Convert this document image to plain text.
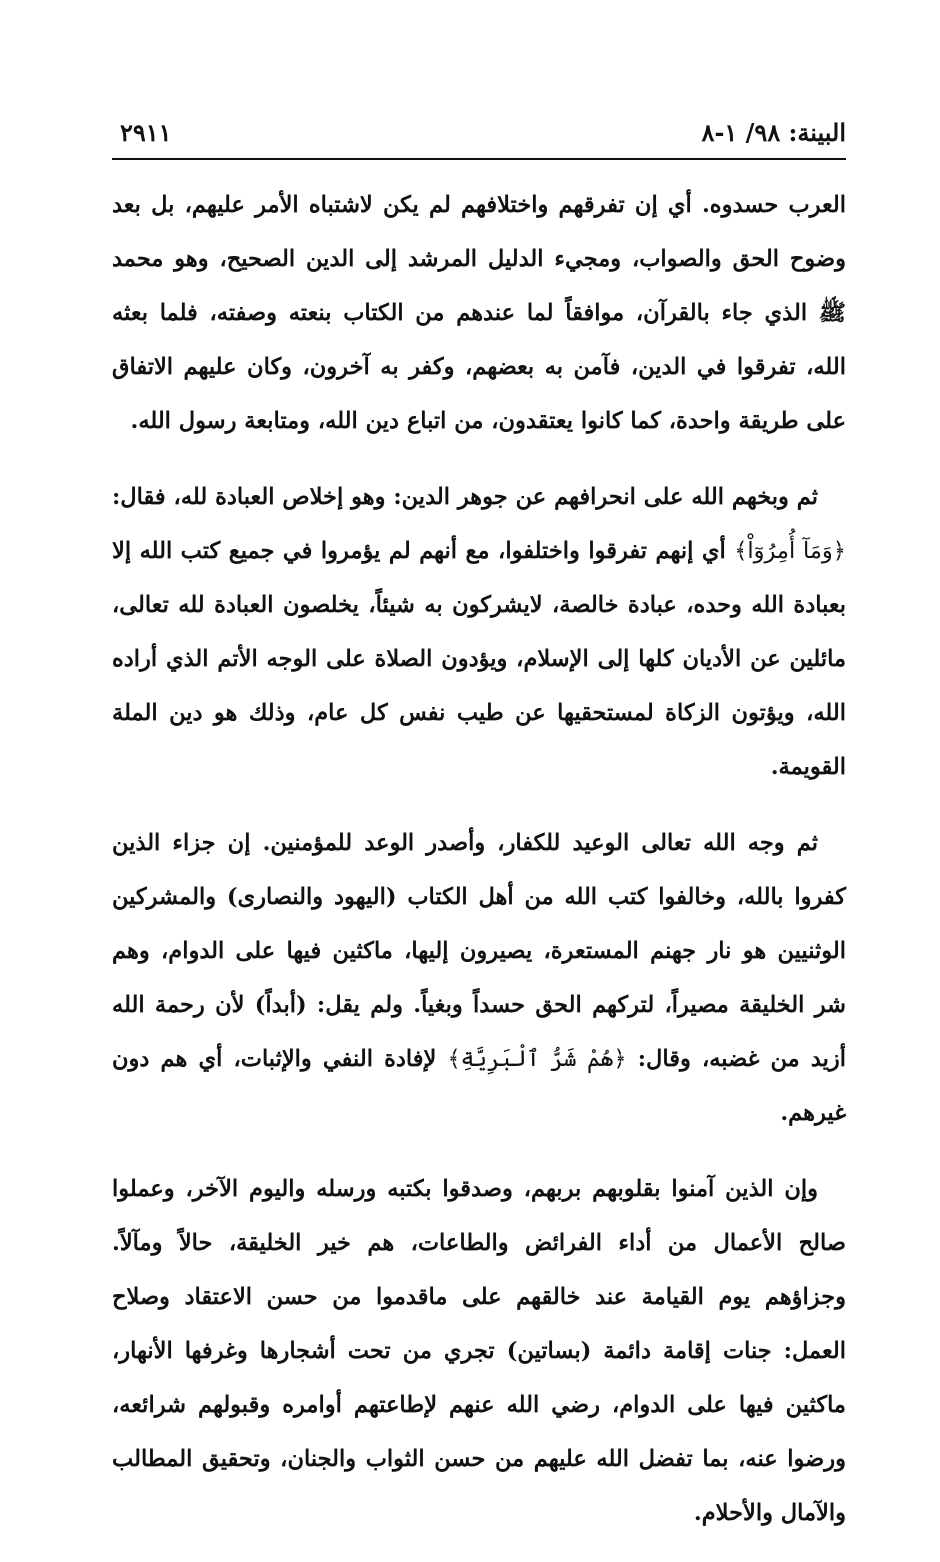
البينة: ٩٨/ ١-٨
٢٩١١

العرب حسدوه. أي إن تفرقهم واختلافهم لم يكن لاشتباه الأمر عليهم، بل بعد وضوح الحق والصواب، ومجيء الدليل المرشد إلى الدين الصحيح، وهو محمد ﷺ الذي جاء بالقرآن، موافقاً لما عندهم من الكتاب بنعته وصفته، فلما بعثه الله، تفرقوا في الدين، فآمن به بعضهم، وكفر به آخرون، وكان عليهم الاتفاق على طريقة واحدة، كما كانوا يعتقدون، من اتباع دين الله، ومتابعة رسول الله.

ثم وبخهم الله على انحرافهم عن جوهر الدين: وهو إخلاص العبادة لله، فقال: ﴿وَمَآ أُمِرُوٓاْ﴾ أي إنهم تفرقوا واختلفوا، مع أنهم لم يؤمروا في جميع كتب الله إلا بعبادة الله وحده، عبادة خالصة، لايشركون به شيئاً، يخلصون العبادة لله تعالى، مائلين عن الأديان كلها إلى الإسلام، ويؤدون الصلاة على الوجه الأتم الذي أراده الله، ويؤتون الزكاة لمستحقيها عن طيب نفس كل عام، وذلك هو دين الملة القويمة.

ثم وجه الله تعالى الوعيد للكفار، وأصدر الوعد للمؤمنين. إن جزاء الذين كفروا بالله، وخالفوا كتب الله من أهل الكتاب (اليهود والنصارى) والمشركين الوثنيين هو نار جهنم المستعرة، يصيرون إليها، ماكثين فيها على الدوام، وهم شر الخليقة مصيراً، لتركهم الحق حسداً وبغياً. ولم يقل: (أبداً) لأن رحمة الله أزيد من غضبه، وقال: ﴿هُمْ شَرُّ ٱلْبَرِيَّةِ﴾ لإفادة النفي والإثبات، أي هم دون غيرهم.

وإن الذين آمنوا بقلوبهم بربهم، وصدقوا بكتبه ورسله واليوم الآخر، وعملوا صالح الأعمال من أداء الفرائض والطاعات، هم خير الخليقة، حالاً ومآلاً. وجزاؤهم يوم القيامة عند خالقهم على ماقدموا من حسن الاعتقاد وصلاح العمل: جنات إقامة دائمة (بساتين) تجري من تحت أشجارها وغرفها الأنهار، ماكثين فيها على الدوام، رضي الله عنهم لإطاعتهم أوامره وقبولهم شرائعه، ورضوا عنه، بما تفضل الله عليهم من حسن الثواب والجنان، وتحقيق المطالب والآمال والأحلام.
